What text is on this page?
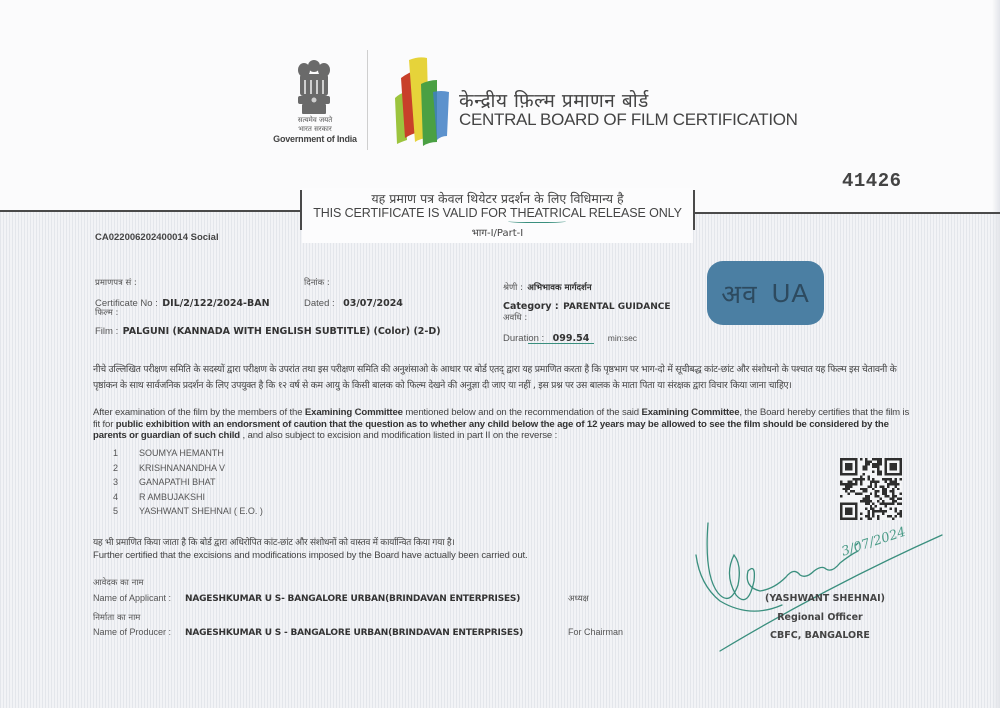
सत्यमेव जयते
भारत सरकार
Government of India
केन्द्रीय फ़िल्म प्रमाणन बोर्ड
CENTRAL BOARD OF FILM CERTIFICATION
41426
यह प्रमाण पत्र केवल थियेटर प्रदर्शन के लिए विधिमान्य है
THIS CERTIFICATE IS VALID FOR THEATRICAL RELEASE ONLY
भाग-I/Part-I
CA022006202400014 Social
प्रमाणपत्र सं :
Certificate No : DIL/2/122/2024-BAN
दिनांक :
Dated : 03/07/2024
फिल्म :
Film : PALGUNI (KANNADA WITH ENGLISH SUBTITLE) (Color) (2-D)
श्रेणी : अभिभावक मार्गदर्शन
Category : PARENTAL GUIDANCE
अवधि :
Duration : 099.54 min:sec
अव UA
नीचे उल्लिखित परीक्षण समिति के सदस्यों द्वारा परीक्षण के उपरांत तथा इस परीक्षण समिति की अनुशंसाओ के आधार पर बोर्ड एतद् द्वारा यह प्रमाणित करता है कि पृष्ठभाग पर भाग-दो में सूचीबद्ध कांट-छांट और संशोधनो के पश्चात यह फिल्म इस चेतावनी के पृष्ठांकन के साथ सार्वजनिक प्रदर्शन के लिए उपयुक्त है कि १२ वर्ष से कम आयु के किसी बालक को फिल्म देखने की अनुज्ञा दी जाए या नहीं , इस प्रश्न पर उस बालक के माता पिता या संरक्षक द्वारा विचार किया जाना चाहिए।
After examination of the film by the members of the Examining Committee mentioned below and on the recommendation of the said Examining Committee, the Board hereby certifies that the film is fit for public exhibition with an endorsment of caution that the question as to whether any child below the age of 12 years may be allowed to see the film should be considered by the parents or guardian of such child , and also subject to excision and modification listed in part II on the reverse :
1	SOUMYA HEMANTH
2	KRISHNANANDHA V
3	GANAPATHI BHAT
4	R AMBUJAKSHI
5	YASHWANT SHEHNAI ( E.O. )
यह भी प्रमाणित किया जाता है कि बोर्ड द्वारा अधिरोपित कांट-छांट और संशोधनों को वास्तव में कार्यान्वित किया गया है।
Further certified that the excisions and modifications imposed by the Board have actually been carried out.
आवेदक का नाम
Name of Applicant : NAGESHKUMAR U S- BANGALORE URBAN(BRINDAVAN ENTERPRISES)	अध्यक्ष
निर्माता का नाम
Name of Producer : NAGESHKUMAR U S - BANGALORE URBAN(BRINDAVAN ENTERPRISES)	For Chairman
3/07/2024
(YASHWANT SHEHNAI)
Regional Officer
CBFC, BANGALORE
